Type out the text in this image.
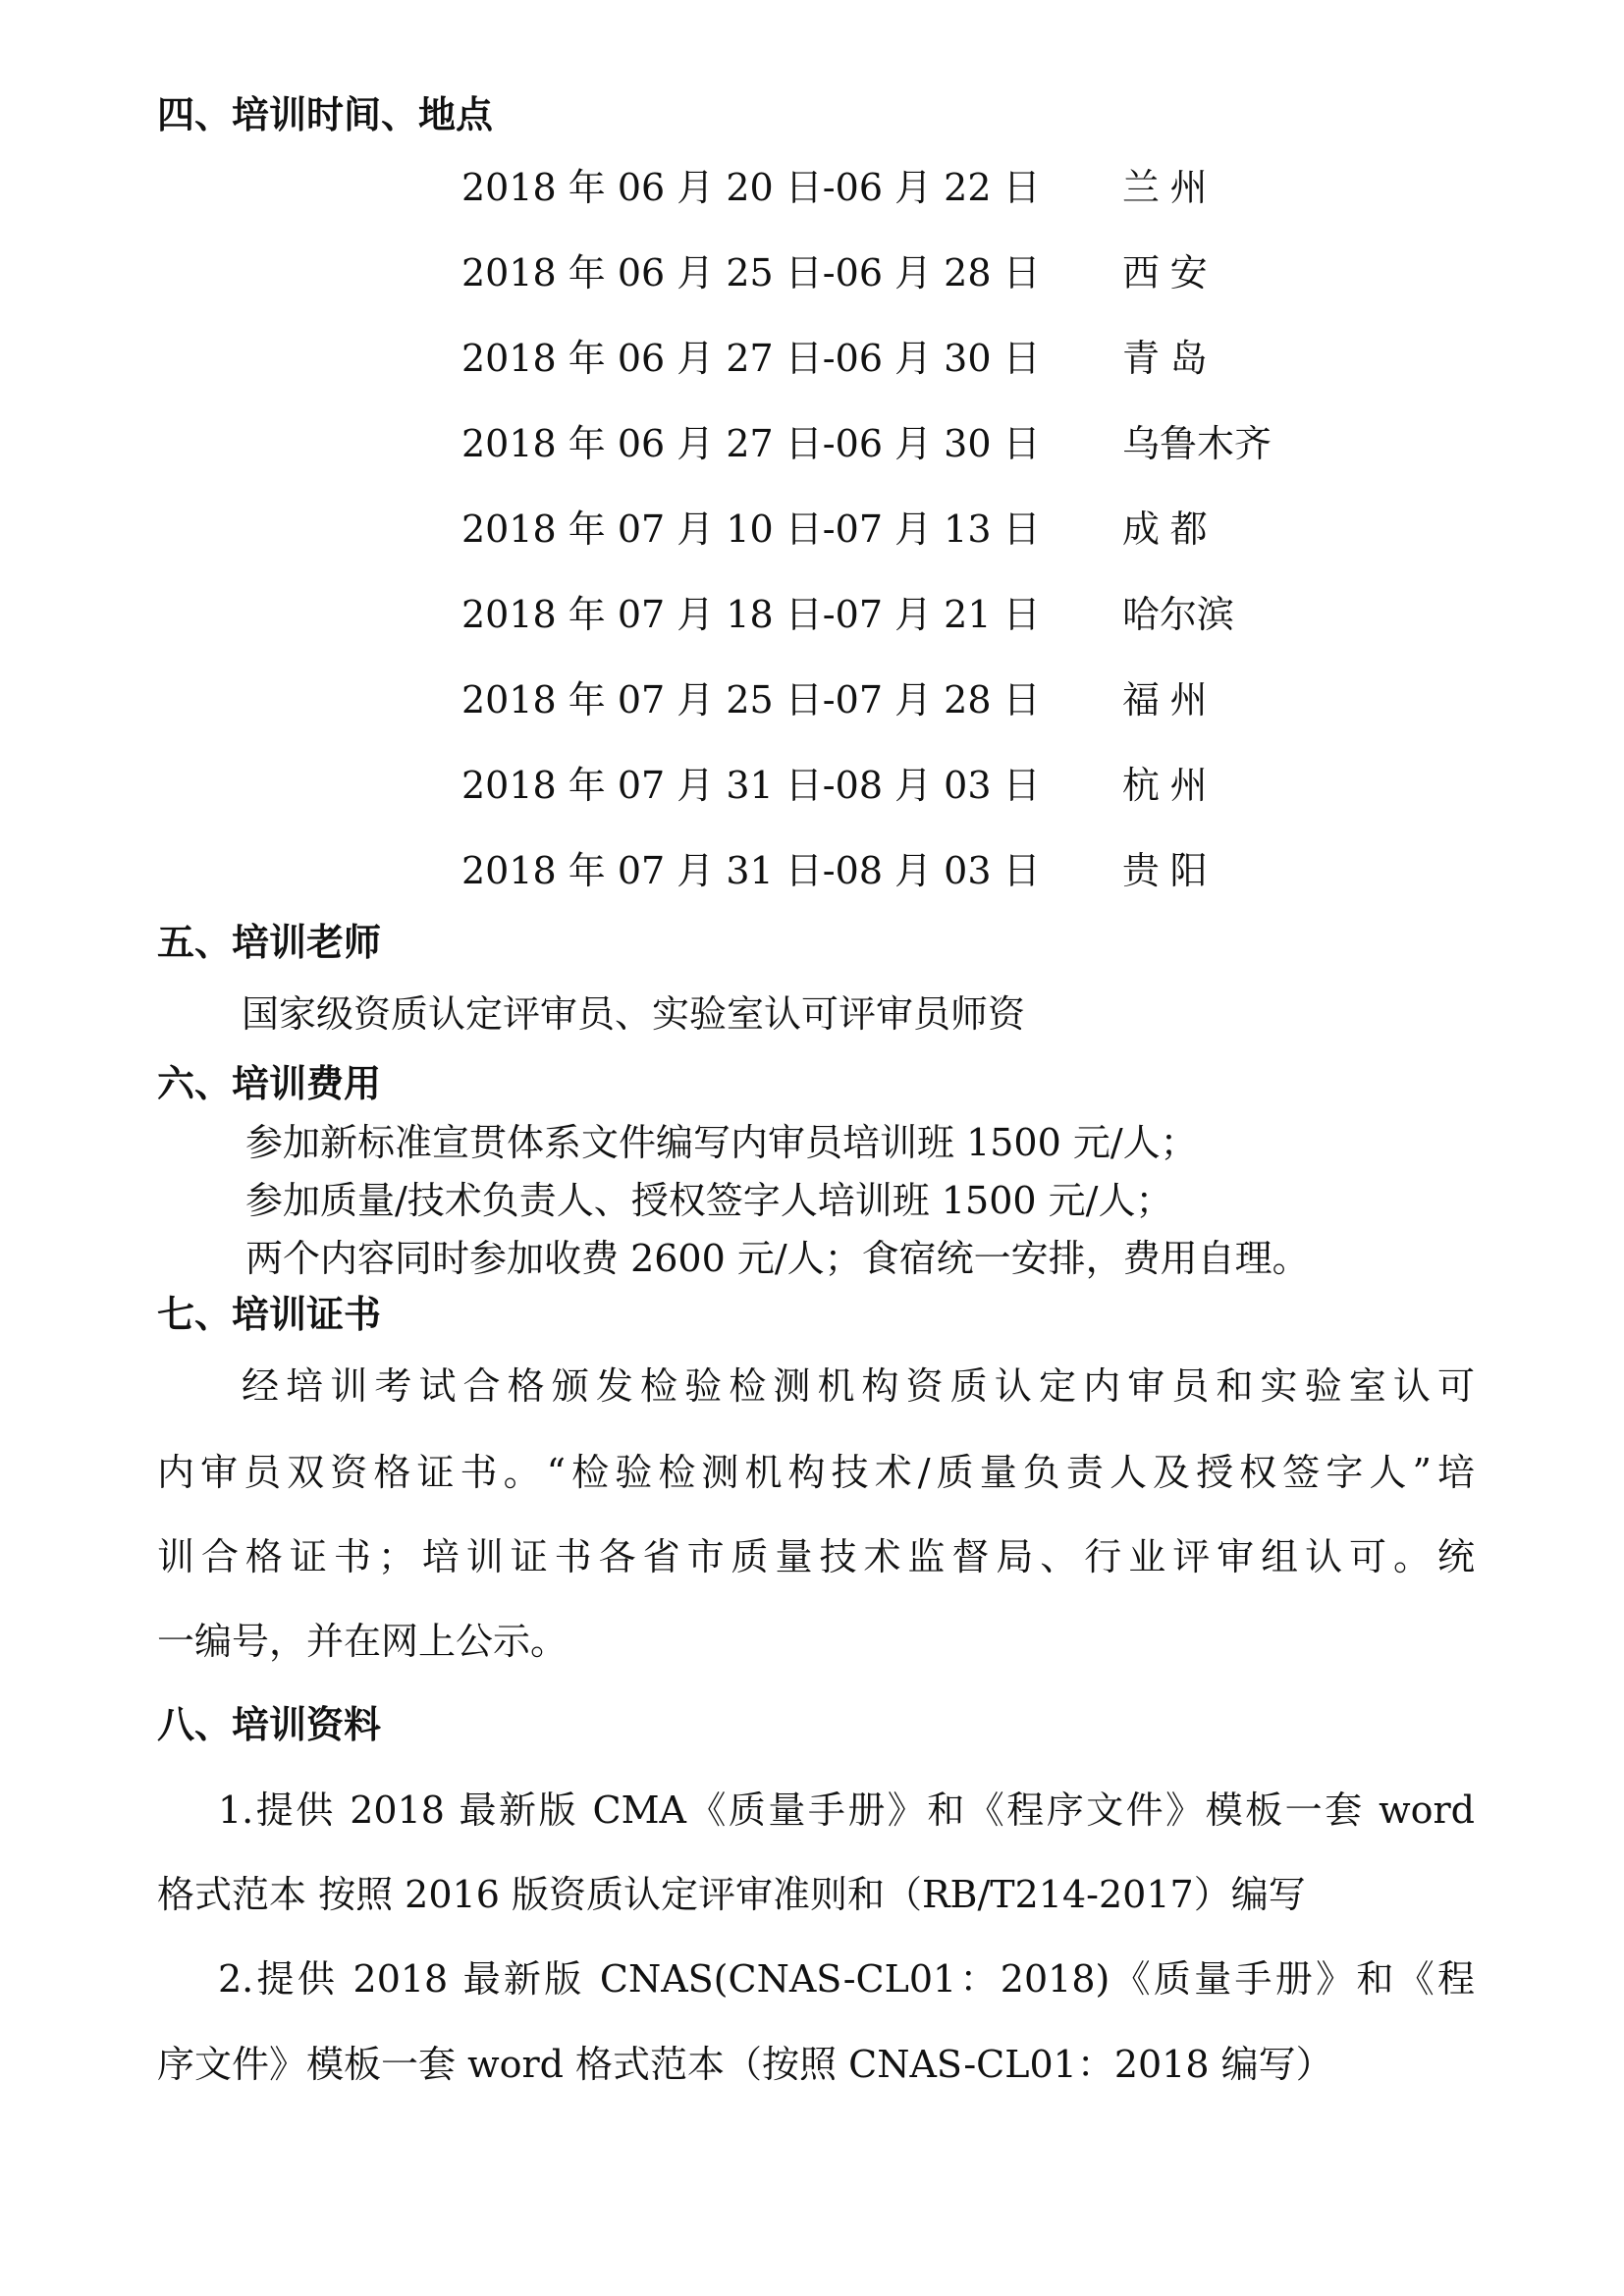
四、培训时间、地点
2018 年 06 月 20 日-06 月 22 日 兰州
2018 年 06 月 25 日-06 月 28 日 西安
2018 年 06 月 27 日-06 月 30 日 青岛
2018 年 06 月 27 日-06 月 30 日 乌鲁木齐
2018 年 07 月 10 日-07 月 13 日 成都
2018 年 07 月 18 日-07 月 21 日 哈尔滨
2018 年 07 月 25 日-07 月 28 日 福州
2018 年 07 月 31 日-08 月 03 日 杭州
2018 年 07 月 31 日-08 月 03 日 贵阳
五、培训老师
国家级资质认定评审员、实验室认可评审员师资
六、培训费用
参加新标准宣贯体系文件编写内审员培训班 1500 元/人；
参加质量/技术负责人、授权签字人培训班 1500 元/人；
两个内容同时参加收费 2600 元/人；食宿统一安排，费用自理。
七、培训证书
经培训考试合格颁发检验检测机构资质认定内审员和实验室认可
内审员双资格证书。“检验检测机构技术/质量负责人及授权签字人”培
训合格证书；培训证书各省市质量技术监督局、行业评审组认可。统
一编号，并在网上公示。
八、培训资料
1.提供 2018 最新版 CMA《质量手册》和《程序文件》模板一套 word
格式范本 按照 2016 版资质认定评审准则和（RB/T214-2017）编写
2.提供 2018 最新版 CNAS(CNAS-CL01：2018)《质量手册》和《程
序文件》模板一套 word 格式范本（按照 CNAS-CL01：2018 编写）
